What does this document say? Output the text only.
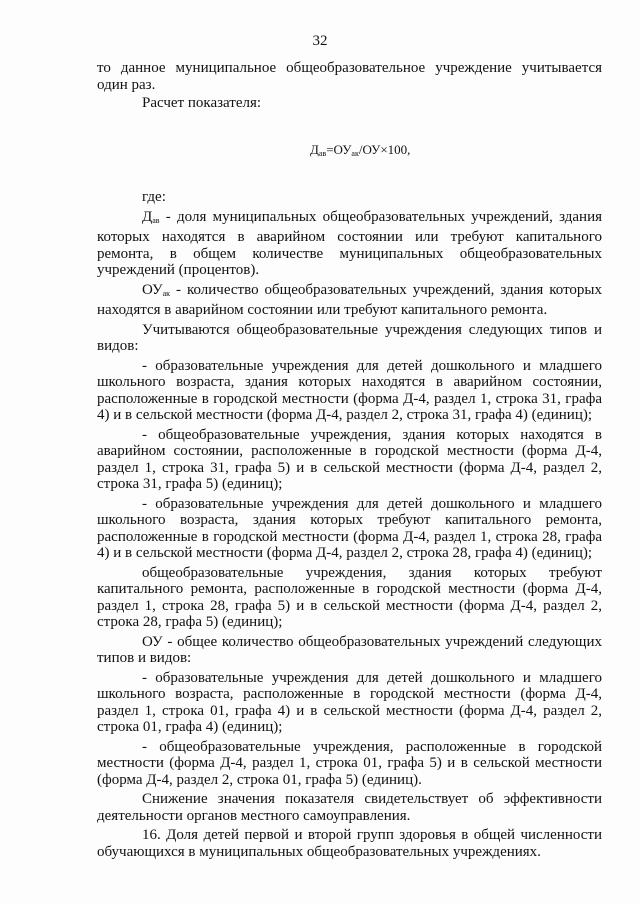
32

то данное муниципальное общеобразовательное учреждение учитывается один раз.

Расчет показателя:

$Д_{ав}=ОУ_{ак}/ОУ\times 100$,

где:

$Д_{ав}$ - доля муниципальных общеобразовательных учреждений, здания которых находятся в аварийном состоянии или требуют капитального ремонта, в общем количестве муниципальных общеобразовательных учреждений (процентов).

$ОУ_{ак}$ - количество общеобразовательных учреждений, здания которых находятся в аварийном состоянии или требуют капитального ремонта.

Учитываются общеобразовательные учреждения следующих типов и видов:

- образовательные учреждения для детей дошкольного и младшего школьного возраста, здания которых находятся в аварийном состоянии, расположенные в городской местности (форма Д-4, раздел 1, строка 31, графа 4) и в сельской местности (форма Д-4, раздел 2, строка 31, графа 4) (единиц);

- общеобразовательные учреждения, здания которых находятся в аварийном состоянии, расположенные в городской местности (форма Д-4, раздел 1, строка 31, графа 5) и в сельской местности (форма Д-4, раздел 2, строка 31, графа 5) (единиц);

- образовательные учреждения для детей дошкольного и младшего школьного возраста, здания которых требуют капитального ремонта, расположенные в городской местности (форма Д-4, раздел 1, строка 28, графа 4) и в сельской местности (форма Д-4, раздел 2, строка 28, графа 4) (единиц);

общеобразовательные учреждения, здания которых требуют капитального ремонта, расположенные в городской местности (форма Д-4, раздел 1, строка 28, графа 5) и в сельской местности (форма Д-4, раздел 2, строка 28, графа 5) (единиц);

ОУ - общее количество общеобразовательных учреждений следующих типов и видов:

- образовательные учреждения для детей дошкольного и младшего школьного возраста, расположенные в городской местности (форма Д-4, раздел 1, строка 01, графа 4) и в сельской местности (форма Д-4, раздел 2, строка 01, графа 4) (единиц);

- общеобразовательные учреждения, расположенные в городской местности (форма Д-4, раздел 1, строка 01, графа 5) и в сельской местности (форма Д-4, раздел 2, строка 01, графа 5) (единиц).

Снижение значения показателя свидетельствует об эффективности деятельности органов местного самоуправления.

16. Доля детей первой и второй групп здоровья в общей численности обучающихся в муниципальных общеобразовательных учреждениях.
